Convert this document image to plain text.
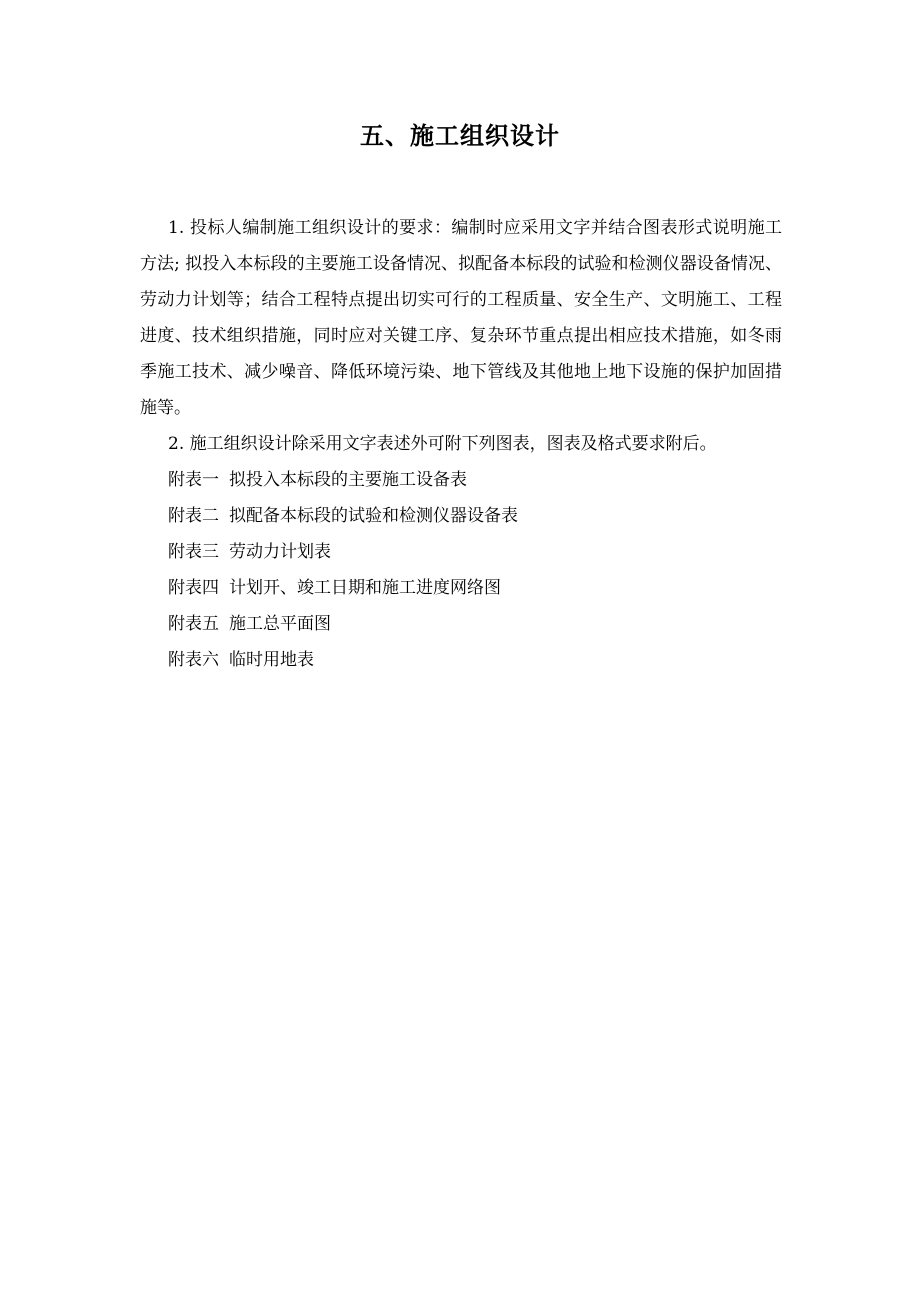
五、施工组织设计

1. 投标人编制施工组织设计的要求：编制时应采用文字并结合图表形式说明施工方法; 拟投入本标段的主要施工设备情况、拟配备本标段的试验和检测仪器设备情况、劳动力计划等；结合工程特点提出切实可行的工程质量、安全生产、文明施工、工程进度、技术组织措施，同时应对关键工序、复杂环节重点提出相应技术措施，如冬雨季施工技术、减少噪音、降低环境污染、地下管线及其他地上地下设施的保护加固措施等。

2. 施工组织设计除采用文字表述外可附下列图表，图表及格式要求附后。

附表一 拟投入本标段的主要施工设备表
附表二 拟配备本标段的试验和检测仪器设备表
附表三 劳动力计划表
附表四 计划开、竣工日期和施工进度网络图
附表五 施工总平面图
附表六 临时用地表
